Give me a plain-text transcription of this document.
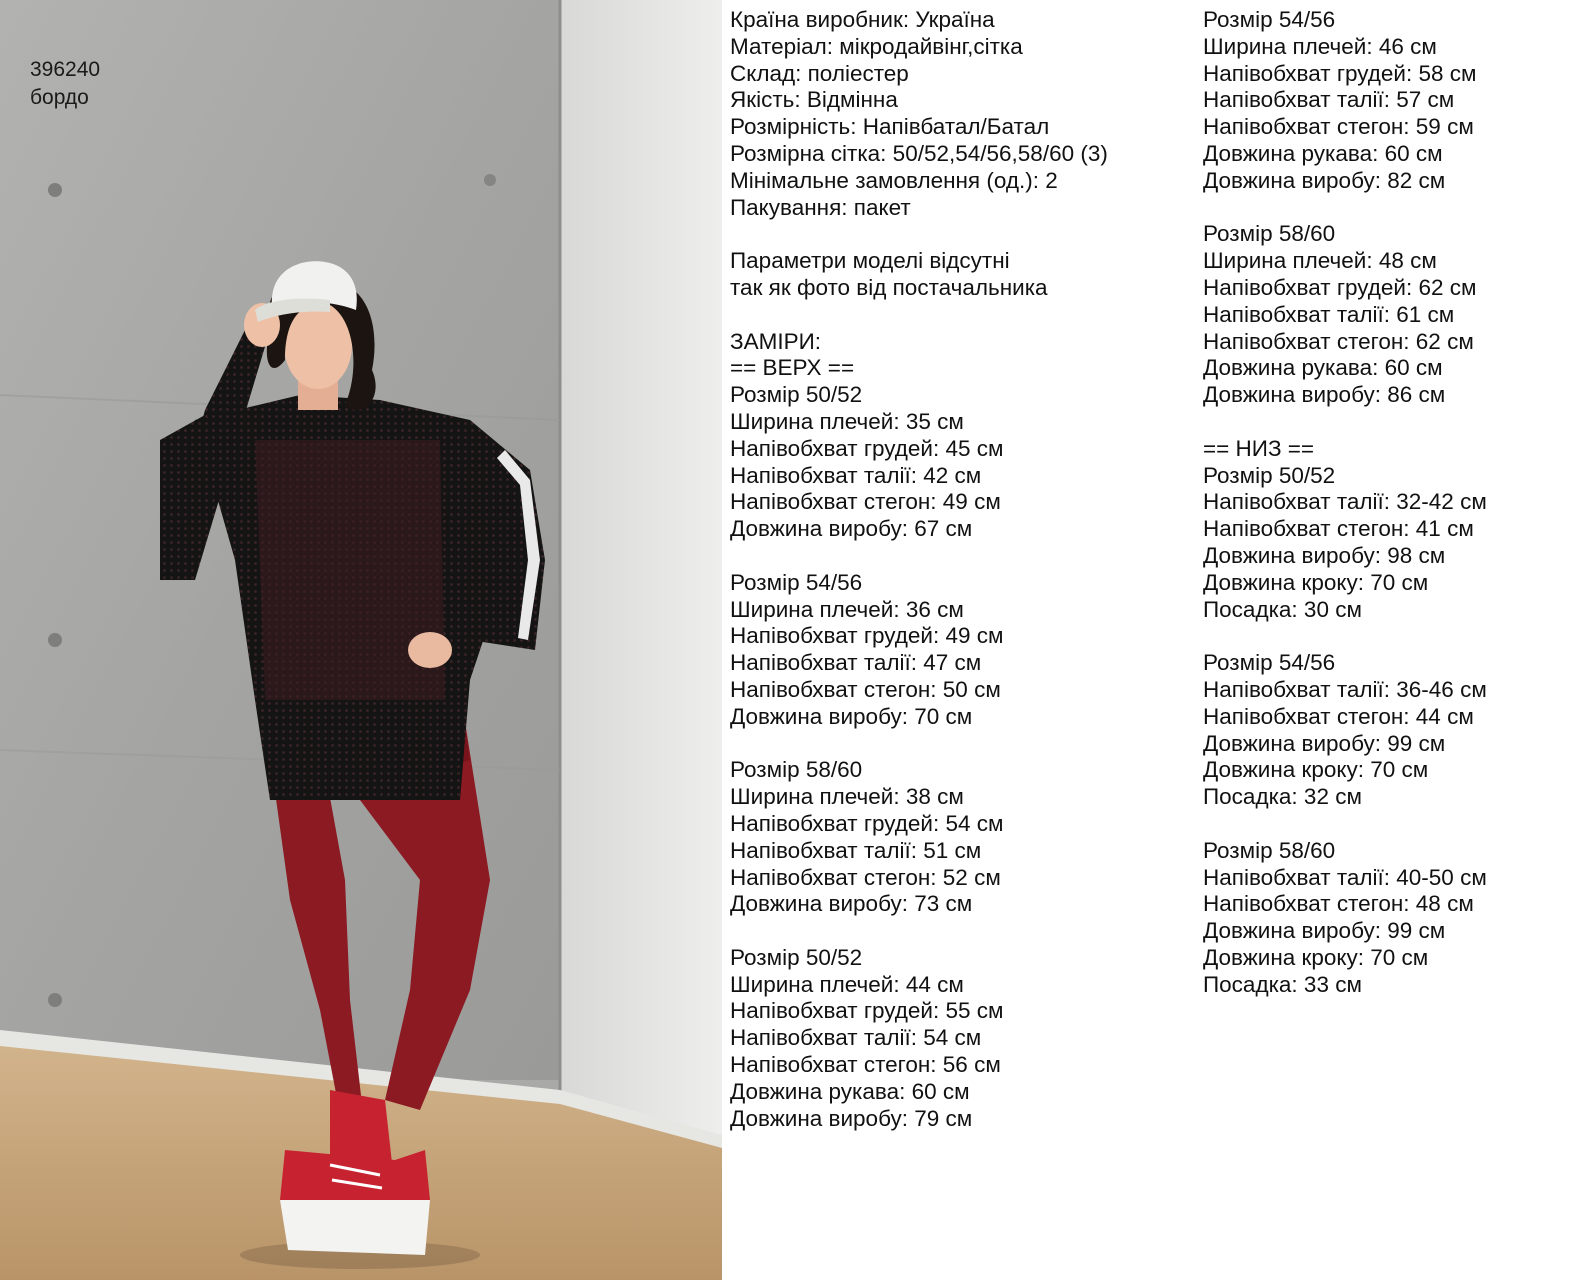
396240
бордо
Країна виробник: Україна
Матеріал: мікродайвінг,сітка
Склад: поліестер
Якість: Відмінна
Розмірність: Напівбатал/Батал
Розмірна сітка: 50/52,54/56,58/60 (3)
Мінімальне замовлення (од.): 2
Пакування: пакет
Параметри моделі відсутні
так як фото від постачальника
ЗАМІРИ:
== ВЕРХ ==
Розмір 50/52
Ширина плечей: 35 см
Напівобхват грудей: 45 см
Напівобхват талії: 42 см
Напівобхват стегон: 49 см
Довжина виробу: 67 см
Розмір 54/56
Ширина плечей: 36 см
Напівобхват грудей: 49 см
Напівобхват талії: 47 см
Напівобхват стегон: 50 см
Довжина виробу: 70 см
Розмір 58/60
Ширина плечей: 38 см
Напівобхват грудей: 54 см
Напівобхват талії: 51 см
Напівобхват стегон: 52 см
Довжина виробу: 73 см
Розмір 50/52
Ширина плечей: 44 см
Напівобхват грудей: 55 см
Напівобхват талії: 54 см
Напівобхват стегон: 56 см
Довжина рукава: 60 см
Довжина виробу: 79 см
Розмір 54/56
Ширина плечей: 46 см
Напівобхват грудей: 58 см
Напівобхват талії: 57 см
Напівобхват стегон: 59 см
Довжина рукава: 60 см
Довжина виробу: 82 см
Розмір 58/60
Ширина плечей: 48 см
Напівобхват грудей: 62 см
Напівобхват талії: 61 см
Напівобхват стегон: 62 см
Довжина рукава: 60 см
Довжина виробу: 86 см
== НИЗ ==
Розмір 50/52
Напівобхват талії: 32-42 см
Напівобхват стегон: 41 см
Довжина виробу: 98 см
Довжина кроку: 70 см
Посадка: 30 см
Розмір 54/56
Напівобхват талії: 36-46 см
Напівобхват стегон: 44 см
Довжина виробу: 99 см
Довжина кроку: 70 см
Посадка: 32 см
Розмір 58/60
Напівобхват талії: 40-50 см
Напівобхват стегон: 48 см
Довжина виробу: 99 см
Довжина кроку: 70 см
Посадка: 33 см
